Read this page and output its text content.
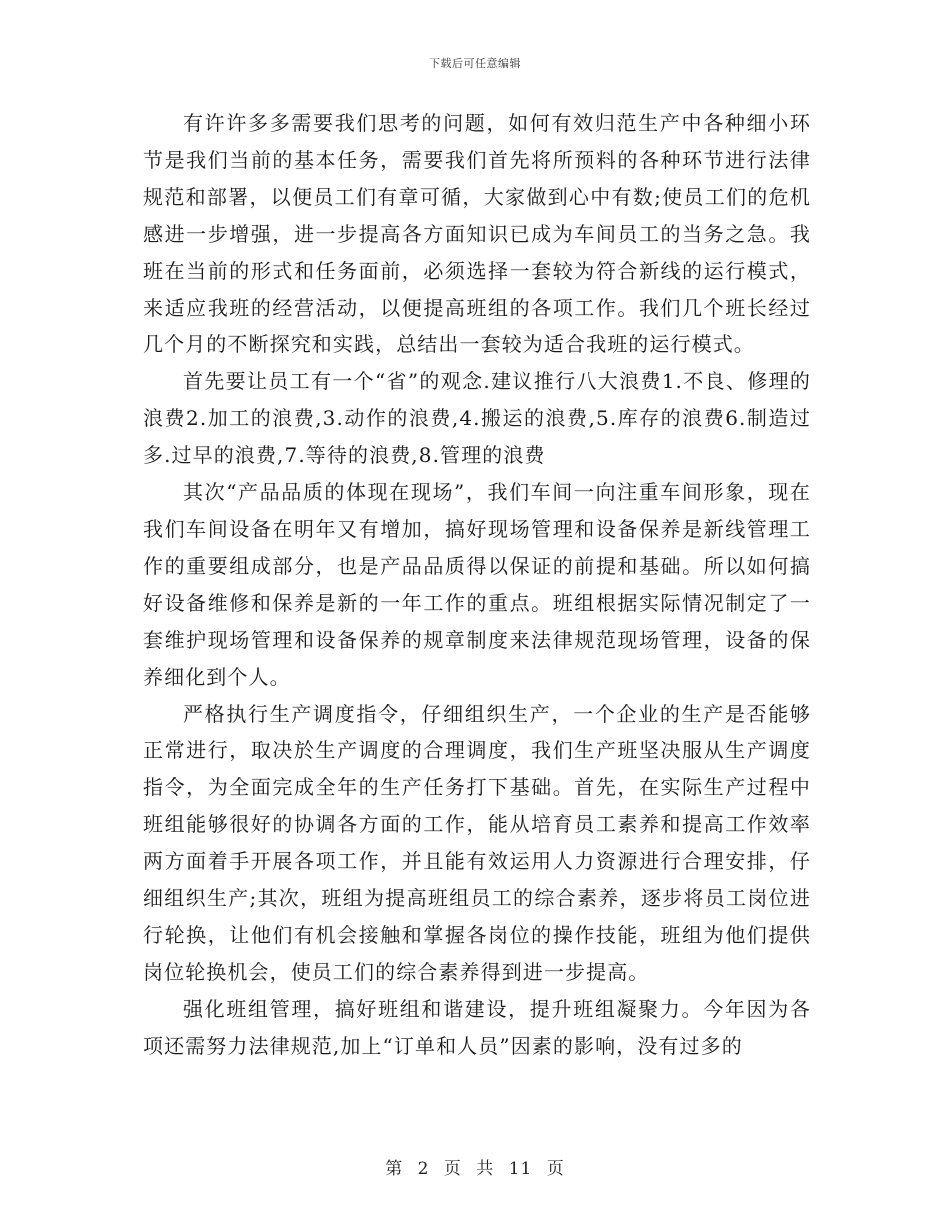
下载后可任意编辑

有许许多多需要我们思考的问题，如何有效归范生产中各种细小环节是我们当前的基本任务，需要我们首先将所预料的各种环节进行法律规范和部署，以便员工们有章可循，大家做到心中有数;使员工们的危机感进一步增强，进一步提高各方面知识已成为车间员工的当务之急。我班在当前的形式和任务面前，必须选择一套较为符合新线的运行模式，来适应我班的经营活动，以便提高班组的各项工作。我们几个班长经过几个月的不断探究和实践，总结出一套较为适合我班的运行模式。

首先要让员工有一个“省”的观念.建议推行八大浪费1.不良、修理的浪费2.加工的浪费,3.动作的浪费,4.搬运的浪费,5.库存的浪费6.制造过多.过早的浪费,7.等待的浪费,8.管理的浪费

其次“产品品质的体现在现场”，我们车间一向注重车间形象，现在我们车间设备在明年又有增加，搞好现场管理和设备保养是新线管理工作的重要组成部分，也是产品品质得以保证的前提和基础。所以如何搞好设备维修和保养是新的一年工作的重点。班组根据实际情况制定了一套维护现场管理和设备保养的规章制度来法律规范现场管理，设备的保养细化到个人。

严格执行生产调度指令，仔细组织生产，一个企业的生产是否能够正常进行，取决於生产调度的合理调度，我们生产班坚决服从生产调度指令，为全面完成全年的生产任务打下基础。首先，在实际生产过程中班组能够很好的协调各方面的工作，能从培育员工素养和提高工作效率两方面着手开展各项工作，并且能有效运用人力资源进行合理安排，仔细组织生产;其次，班组为提高班组员工的综合素养，逐步将员工岗位进行轮换，让他们有机会接触和掌握各岗位的操作技能，班组为他们提供岗位轮换机会，使员工们的综合素养得到进一步提高。

强化班组管理，搞好班组和谐建设，提升班组凝聚力。今年因为各项还需努力法律规范,加上“订单和人员”因素的影响，没有过多的

第 2 页 共 11 页
